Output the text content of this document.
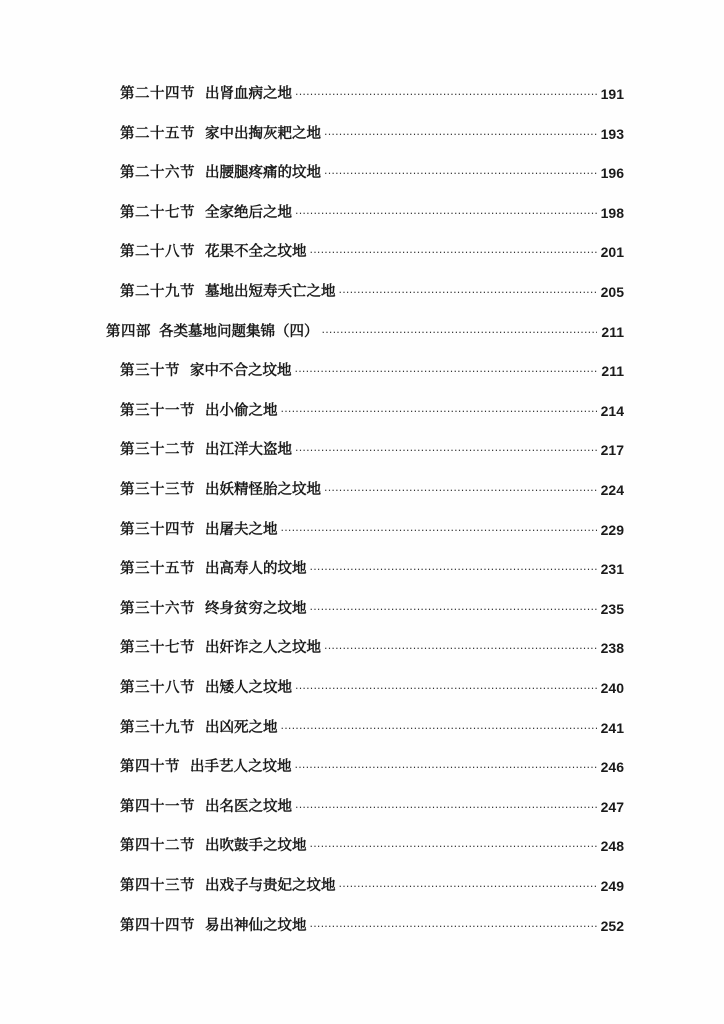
第二十四节 出肾血病之地 ·····	191
第二十五节 家中出掏灰耙之地 ·····	193
第二十六节 出腰腿疼痛的坟地 ·····	196
第二十七节 全家绝后之地 ·····	198
第二十八节 花果不全之坟地 ·····	201
第二十九节 墓地出短寿夭亡之地 ·····	205
第四部 各类墓地问题集锦（四） ·····	211
第三十节 家中不合之坟地 ·····	211
第三十一节 出小偷之地 ·····	214
第三十二节 出江洋大盗地 ·····	217
第三十三节 出妖精怪胎之坟地 ·····	224
第三十四节 出屠夫之地 ·····	229
第三十五节 出高寿人的坟地 ·····	231
第三十六节 终身贫穷之坟地 ·····	235
第三十七节 出奸诈之人之坟地 ·····	238
第三十八节 出矮人之坟地 ·····	240
第三十九节 出凶死之地 ·····	241
第四十节 出手艺人之坟地 ·····	246
第四十一节 出名医之坟地 ·····	247
第四十二节 出吹鼓手之坟地 ·····	248
第四十三节 出戏子与贵妃之坟地 ·····	249
第四十四节 易出神仙之坟地 ·····	252
